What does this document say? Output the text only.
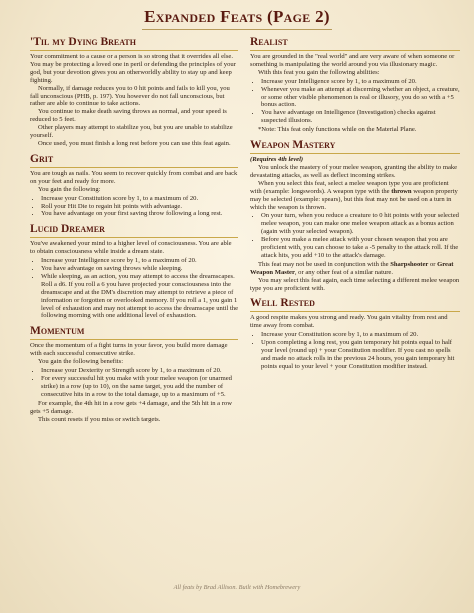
Expanded Feats (Page 2)
'Til my Dying Breath

Your commitment to a cause or a person is so strong that it overrides all else. You may be protecting a loved one in peril or defending the principles of your god, but your devotion gives you an otherworldly ability to stay up and keep fighting.

Normally, if damage reduces you to 0 hit points and fails to kill you, you fall unconscious (PHB, p. 197). You however do not fall unconscious, but rather are able to continue to take actions.

You continue to make death saving throws as normal, and your speed is reduced to 5 feet.

Other players may attempt to stabilize you, but you are unable to stabilize yourself.

Once used, you must finish a long rest before you can use this feat again.

Grit

You are tough as nails. You seem to recover quickly from combat and are back on your feet and ready for more.

You gain the following:

• Increase your Constitution score by 1, to a maximum of 20.
• Roll your Hit Die to regain hit points with advantage.
• You have advantage on your first saving throw following a long rest.
Lucid Dreamer

You've awakened your mind to a higher level of consciousness. You are able to obtain consciousness while inside a dream state.

• Increase your Intelligence score by 1, to a maximum of 20.
• You have advantage on saving throws while sleeping.
• While sleeping, as an action, you may attempt to access the dreamscapes. Roll a d6. If you roll a 6 you have projected your consciousness into the dreamscape and at the DM's discretion may attempt to retrieve a piece of information or forgotten or overlooked memory. If you roll a 1, you gain 1 level of exhaustion and may not attempt to access the dreamscape until the following morning with one additional level of exhaustion.
Momentum

Once the momentum of a fight turns in your favor, you build more damage with each successful consecutive strike.

You gain the following benefits:

• Increase your Dexterity or Strength score by 1, to a maximum of 20.
• For every successful hit you make with your melee weapon (or unarmed strike) in a row (up to 10), on the same target, you add the number of consecutive hits in a row to the total damage, up to a maximum of +5.

For example, the 4th hit in a row gets +4 damage, and the 5th hit in a row gets +5 damage.

This count resets if you miss or switch targets.

Realist

You are grounded in the "real world" and are very aware of when someone or something is manipulating the world around you via illusionary magic.

With this feat you gain the following abilities:

• Increase your Intelligence score by 1, to a maximum of 20.
• Whenever you make an attempt at discerning whether an object, a creature, or some other visible phenomenon is real or illusory, you do so with a +5 bonus action.
• You have advantage on Intelligence (Investigation) checks against suspected illusions.

*Note: This feat only functions while on the Material Plane.

Weapon Mastery

(Requires 4th level)

You unlock the mastery of your melee weapon, granting the ability to make devastating attacks, as well as deflect incoming strikes.

When you select this feat, select a melee weapon type you are proficient with (example: longswords). A weapon type with the thrown weapon property may be selected (example: spears), but this feat may not be used on a turn in which the weapon is thrown.

• On your turn, when you reduce a creature to 0 hit points with your selected melee weapon, you can make one melee weapon attack as a bonus action (again with your selected weapon).
• Before you make a melee attack with your chosen weapon that you are proficient with, you can choose to take a -5 penalty to the attack roll. If the attack hits, you add +10 to the attack's damage.

This feat may not be used in conjunction with the Sharpshooter or Great Weapon Master, or any other feat of a similar nature.

You may select this feat again, each time selecting a different melee weapon type you are proficient with.

Well Rested

A good respite makes you strong and ready. You gain vitality from rest and time away from combat.

• Increase your Constitution score by 1, to a maximum of 20.
• Upon completing a long rest, you gain temporary hit points equal to half your level (round up) + your Constitution modifier. If you cast no spells and made no attack rolls in the previous 24 hours, you gain temporary hit points equal to your level + your Constitution modifier instead.
All feats by Brad Allison. Built with Homebrewery
